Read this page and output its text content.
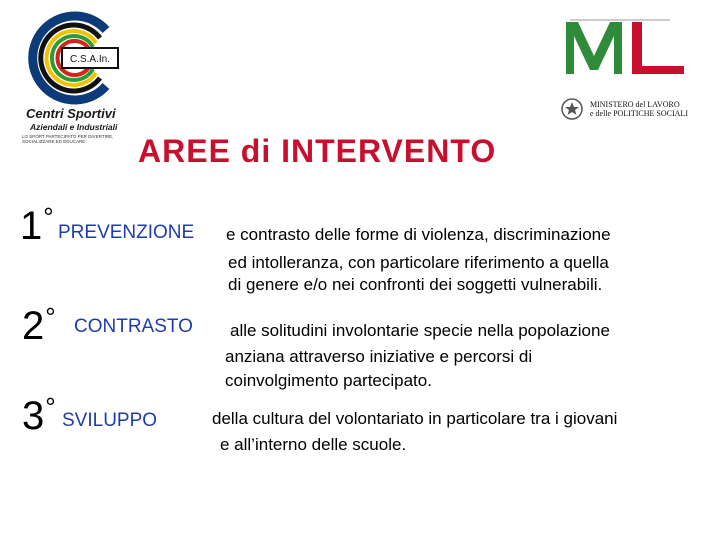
C.S.A.In.
Centri Sportivi
Aziendali e Industriali
LO SPORT PARTECIPATO PER DIVERTIRE, SOCIALIZZARE ED EDUCARE
MINISTERO del LAVORO
e delle POLITICHE SOCIALI
AREE di INTERVENTO
1°
PREVENZIONE e contrasto delle forme di violenza, discriminazione
ed intolleranza, con particolare riferimento a quella
di genere e/o nei confronti dei soggetti vulnerabili.
2° CONTRASTO alle solitudini involontarie specie nella popolazione
anziana attraverso iniziative e percorsi di
coinvolgimento partecipato.
3° SVILUPPO	della cultura del volontariato in particolare tra i giovani
e all’interno delle scuole.
